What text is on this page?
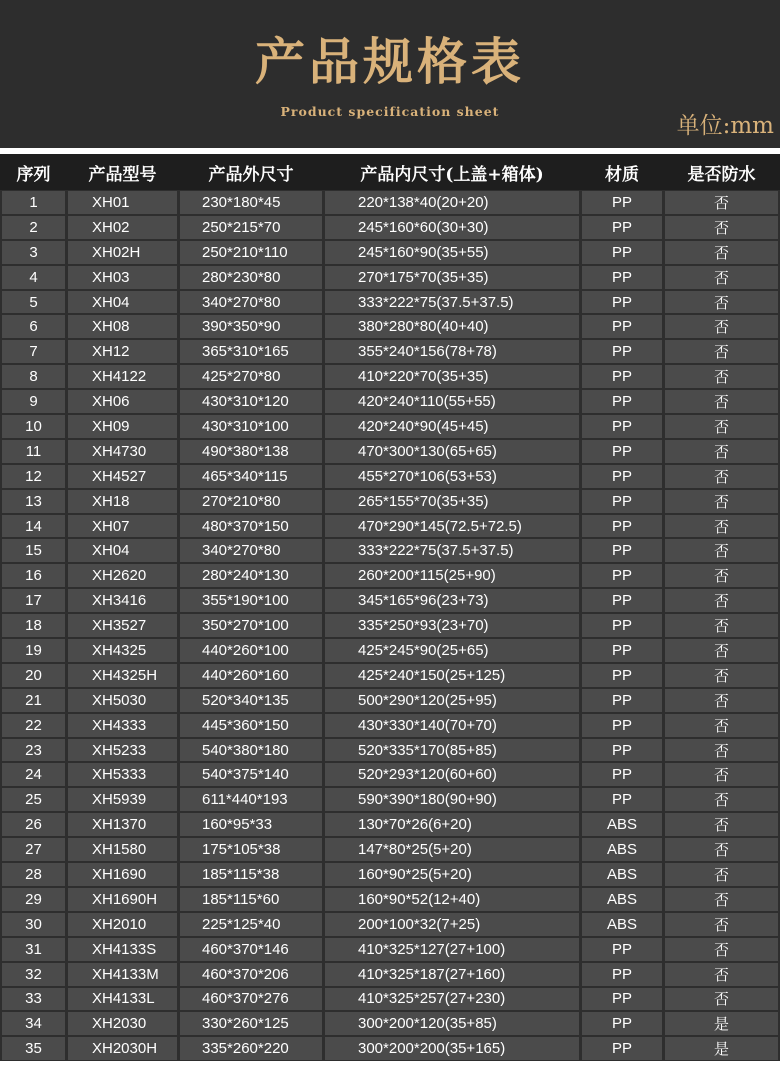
产品规格表
Product specification sheet
单位:mm
序列	产品型号	产品外尺寸	产品内尺寸(上盖+箱体)	材质	是否防水
1	XH01	230*180*45	220*138*40(20+20)	PP	否
2	XH02	250*215*70	245*160*60(30+30)	PP	否
3	XH02H	250*210*110	245*160*90(35+55)	PP	否
4	XH03	280*230*80	270*175*70(35+35)	PP	否
5	XH04	340*270*80	333*222*75(37.5+37.5)	PP	否
6	XH08	390*350*90	380*280*80(40+40)	PP	否
7	XH12	365*310*165	355*240*156(78+78)	PP	否
8	XH4122	425*270*80	410*220*70(35+35)	PP	否
9	XH06	430*310*120	420*240*110(55+55)	PP	否
10	XH09	430*310*100	420*240*90(45+45)	PP	否
11	XH4730	490*380*138	470*300*130(65+65)	PP	否
12	XH4527	465*340*115	455*270*106(53+53)	PP	否
13	XH18	270*210*80	265*155*70(35+35)	PP	否
14	XH07	480*370*150	470*290*145(72.5+72.5)	PP	否
15	XH04	340*270*80	333*222*75(37.5+37.5)	PP	否
16	XH2620	280*240*130	260*200*115(25+90)	PP	否
17	XH3416	355*190*100	345*165*96(23+73)	PP	否
18	XH3527	350*270*100	335*250*93(23+70)	PP	否
19	XH4325	440*260*100	425*245*90(25+65)	PP	否
20	XH4325H	440*260*160	425*240*150(25+125)	PP	否
21	XH5030	520*340*135	500*290*120(25+95)	PP	否
22	XH4333	445*360*150	430*330*140(70+70)	PP	否
23	XH5233	540*380*180	520*335*170(85+85)	PP	否
24	XH5333	540*375*140	520*293*120(60+60)	PP	否
25	XH5939	611*440*193	590*390*180(90+90)	PP	否
26	XH1370	160*95*33	130*70*26(6+20)	ABS	否
27	XH1580	175*105*38	147*80*25(5+20)	ABS	否
28	XH1690	185*115*38	160*90*25(5+20)	ABS	否
29	XH1690H	185*115*60	160*90*52(12+40)	ABS	否
30	XH2010	225*125*40	200*100*32(7+25)	ABS	否
31	XH4133S	460*370*146	410*325*127(27+100)	PP	否
32	XH4133M	460*370*206	410*325*187(27+160)	PP	否
33	XH4133L	460*370*276	410*325*257(27+230)	PP	否
34	XH2030	330*260*125	300*200*120(35+85)	PP	是
35	XH2030H	335*260*220	300*200*200(35+165)	PP	是
